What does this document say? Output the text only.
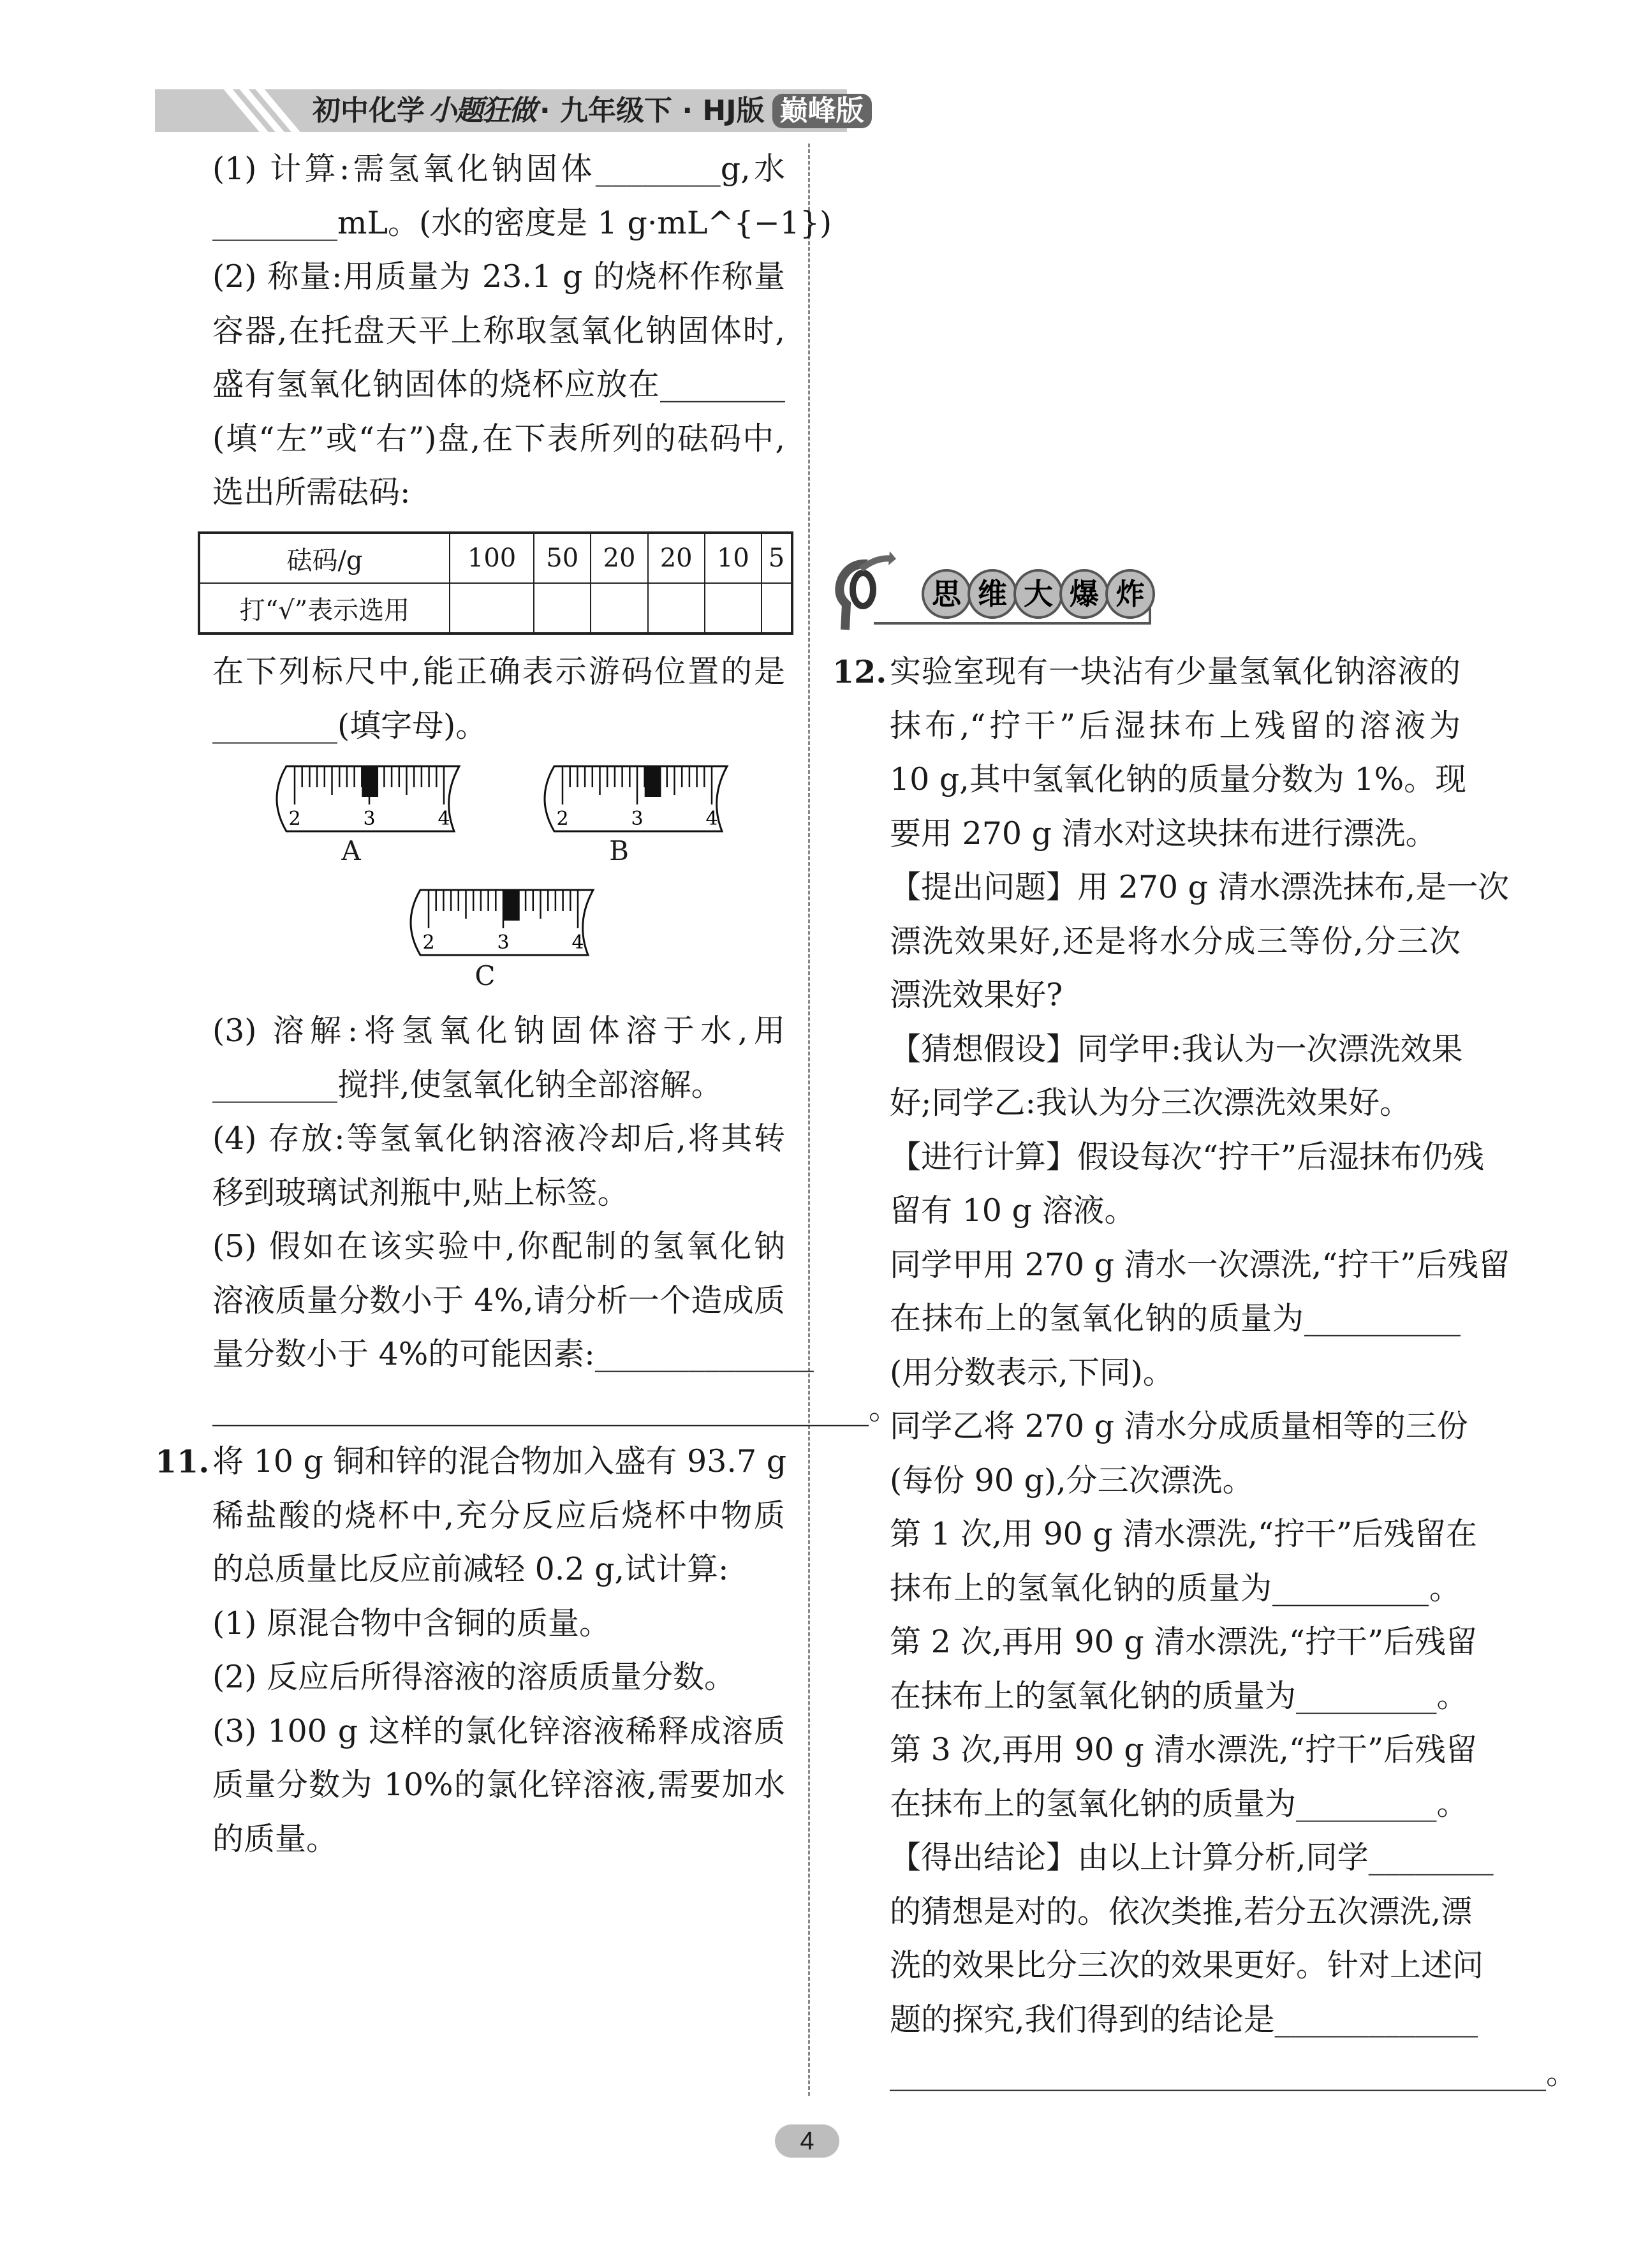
初中化学 小题狂做 · 九年级下 · HJ版 巅峰版
(1) 计算:需氢氧化钠固体________g,水
________mL。(水的密度是 1 g·mL^{−1})
(2) 称量:用质量为 23.1 g 的烧杯作称量
容器,在托盘天平上称取氢氧化钠固体时,
盛有氢氧化钠固体的烧杯应放在________
(填“左”或“右”)盘,在下表所列的砝码中,
选出所需砝码:
砝码/g	100	50	20	20	10	5
打“√”表示选用						
在下列标尺中,能正确表示游码位置的是
________(填字母)。
2	3	4
A
2	3	4
B
2	3	4
C
(3) 溶解:将氢氧化钠固体溶于水,用
________搅拌,使氢氧化钠全部溶解。
(4) 存放:等氢氧化钠溶液冷却后,将其转
移到玻璃试剂瓶中,贴上标签。
(5) 假如在该实验中,你配制的氢氧化钠
溶液质量分数小于 4%,请分析一个造成质
量分数小于 4%的可能因素:______________
__________________________________________。
11. 将 10 g 铜和锌的混合物加入盛有 93.7 g
稀盐酸的烧杯中,充分反应后烧杯中物质
的总质量比反应前减轻 0.2 g,试计算:
(1) 原混合物中含铜的质量。
(2) 反应后所得溶液的溶质质量分数。
(3) 100 g 这样的氯化锌溶液稀释成溶质
质量分数为 10%的氯化锌溶液,需要加水
的质量。
思 维 大 爆 炸
12. 实验室现有一块沾有少量氢氧化钠溶液的
抹布,“拧干”后湿抹布上残留的溶液为
10 g,其中氢氧化钠的质量分数为 1%。现
要用 270 g 清水对这块抹布进行漂洗。
【提出问题】用 270 g 清水漂洗抹布,是一次
漂洗效果好,还是将水分成三等份,分三次
漂洗效果好?
【猜想假设】同学甲:我认为一次漂洗效果
好;同学乙:我认为分三次漂洗效果好。
【进行计算】假设每次“拧干”后湿抹布仍残
留有 10 g 溶液。
同学甲用 270 g 清水一次漂洗,“拧干”后残留
在抹布上的氢氧化钠的质量为__________
(用分数表示,下同)。
同学乙将 270 g 清水分成质量相等的三份
(每份 90 g),分三次漂洗。
第 1 次,用 90 g 清水漂洗,“拧干”后残留在
抹布上的氢氧化钠的质量为__________。
第 2 次,再用 90 g 清水漂洗,“拧干”后残留
在抹布上的氢氧化钠的质量为_________。
第 3 次,再用 90 g 清水漂洗,“拧干”后残留
在抹布上的氢氧化钠的质量为_________。
【得出结论】由以上计算分析,同学________
的猜想是对的。依次类推,若分五次漂洗,漂
洗的效果比分三次的效果更好。针对上述问
题的探究,我们得到的结论是_____________
__________________________________________。
4
